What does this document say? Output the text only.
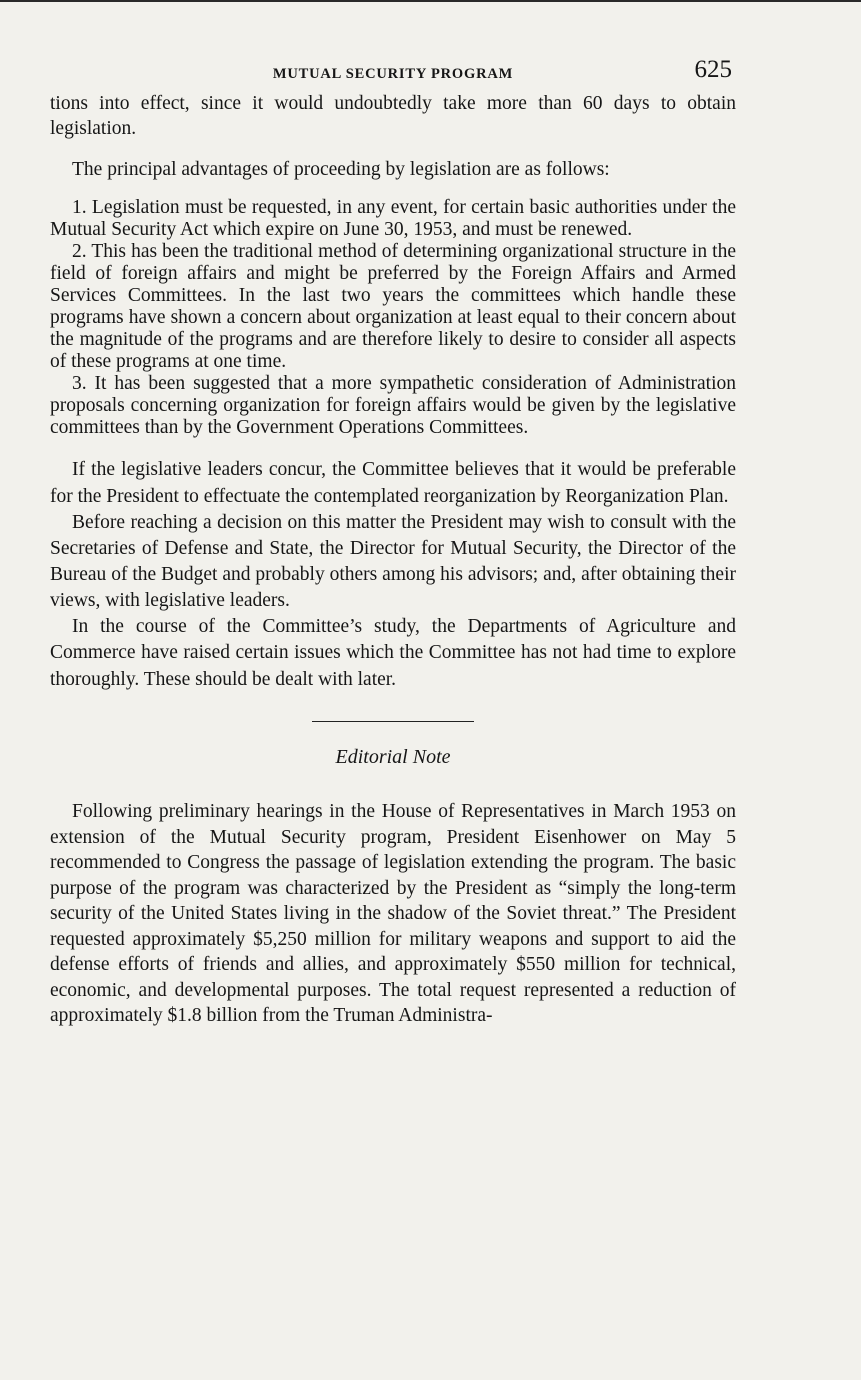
MUTUAL SECURITY PROGRAM	625

tions into effect, since it would undoubtedly take more than 60 days to obtain legislation.

The principal advantages of proceeding by legislation are as follows:

1. Legislation must be requested, in any event, for certain basic authorities under the Mutual Security Act which expire on June 30, 1953, and must be renewed.

2. This has been the traditional method of determining organizational structure in the field of foreign affairs and might be preferred by the Foreign Affairs and Armed Services Committees. In the last two years the committees which handle these programs have shown a concern about organization at least equal to their concern about the magnitude of the programs and are therefore likely to desire to consider all aspects of these programs at one time.

3. It has been suggested that a more sympathetic consideration of Administration proposals concerning organization for foreign affairs would be given by the legislative committees than by the Government Operations Committees.

If the legislative leaders concur, the Committee believes that it would be preferable for the President to effectuate the contemplated reorganization by Reorganization Plan.

Before reaching a decision on this matter the President may wish to consult with the Secretaries of Defense and State, the Director for Mutual Security, the Director of the Bureau of the Budget and probably others among his advisors; and, after obtaining their views, with legislative leaders.

In the course of the Committee’s study, the Departments of Agriculture and Commerce have raised certain issues which the Committee has not had time to explore thoroughly. These should be dealt with later.

Editorial Note

Following preliminary hearings in the House of Representatives in March 1953 on extension of the Mutual Security program, President Eisenhower on May 5 recommended to Congress the passage of legislation extending the program. The basic purpose of the program was characterized by the President as “simply the long-term security of the United States living in the shadow of the Soviet threat.” The President requested approximately $5,250 million for military weapons and support to aid the defense efforts of friends and allies, and approximately $550 million for technical, economic, and developmental purposes. The total request represented a reduction of approximately $1.8 billion from the Truman Administra-
